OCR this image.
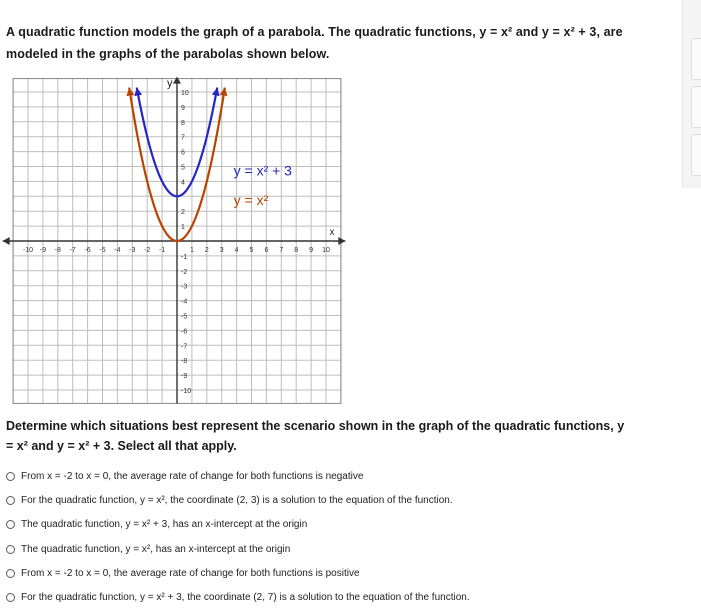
A quadratic function models the graph of a parabola. The quadratic functions, y = x² and y = x² + 3, are
modeled in the graphs of the parabolas shown below.
x
y
-10 -9 -8 -7 -6 -5 -4 -3 -2 -1	1 2 3 4 5 6 7 8 9 10
10
9
8
7
6
5
4
2
1
-1
-2
-3
-4
-5
-6
-7
-8
-9
-10
y = x² + 3
y = x²
Determine which situations best represent the scenario shown in the graph of the quadratic functions, y
= x² and y = x² + 3. Select all that apply.
From x = -2 to x = 0, the average rate of change for both functions is negative
For the quadratic function, y = x², the coordinate (2, 3) is a solution to the equation of the function.
The quadratic function, y = x² + 3, has an x-intercept at the origin
The quadratic function, y = x², has an x-intercept at the origin
From x = -2 to x = 0, the average rate of change for both functions is positive
For the quadratic function, y = x² + 3, the coordinate (2, 7) is a solution to the equation of the function.
